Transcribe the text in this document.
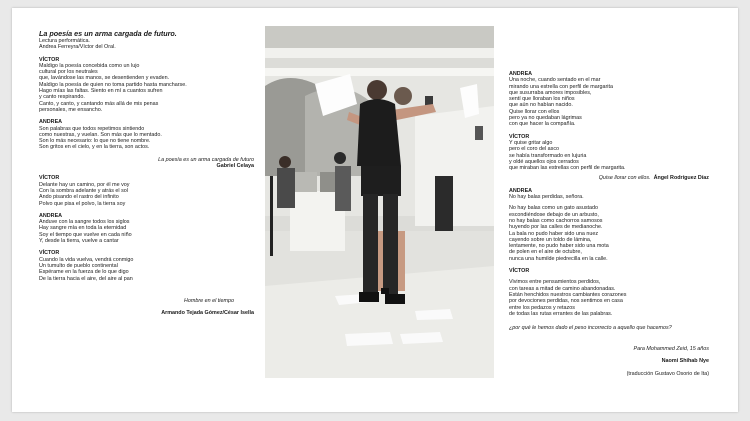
La poesía es un arma cargada de futuro.

Lectura performática.

Andrea Ferreyra/Víctor del Oral.

VÍCTOR

Maldigo la poesía concebida como un lujo
cultural por los neutrales
que, lavándose las manos, se desentienden y evaden.
Maldigo la poesía de quien no toma partido hasta mancharse.
Hago mías las faltas. Siento en mí a cuantos sufren
y canto respirando.
Canto, y canto, y cantando más allá de mis penas
personales, me ensancho.

ANDREA

Son palabras que todos repetimos sintiendo
como nuestras, y vuelan. Son más que lo mentado.
Son lo más necesario: lo que no tiene nombre.
Son gritos en el cielo, y en la tierra, son actos.

La poesía es un arma cargada de futuro

Gabriel Celaya

VÍCTOR

Delante hay un camino, por él me voy
Con la sombra adelante y atrás el sol
Ando pisando el rastro del infinito
Polvo que pisa el polvo, la tierra soy

ANDREA

Anduve con la sangre todos los siglos
Hay sangre mía en toda la eternidad
Soy el tiempo que vuelve en cada niño
Y, desde la tierra, vuelve a cantar

VÍCTOR

Cuando la vida vuelva, vendrá conmigo
Un tumulto de pueblo continental
Espérame en la fuerza de lo que digo
De la tierra hacia el aire, del aire al pan

Hombre en el tiempo

Armando Tejada Gómez/César Isella

ANDREA

Una noche, cuando sentado en el mar
mirando una estrella con perfil de margarita
que susurraba amores imposibles,
sentí que lloraban los niños
que aún no habían nacido.
Quise llorar con ellos
pero ya no quedaban lágrimas
con que hacer la compañía.

VÍCTOR

Y quise gritar algo
pero el coro del asco
se había transformado en lujuria
y oldé aquellos ojos cerrados
que miraban las estrellas con perfil de margarita.

Quise llorar con ellos. Ángel Rodríguez Díaz

ANDREA

No hay balas perdidas, señora.

No hay balas como un gato asustado
escondiéndose debajo de un arbusto,
no hay balas como cachorros samosos
huyendo por las calles de medianoche.
La bala no pudo haber sido una nuez
cayendo sobre un toldo de lámina,
lentamente, no pudo haber sido una mota
de polen en el aire de octubre,
nunca una humilde piedrecilla en la calle.

VÍCTOR

Vivimos entre pensamientos perdidos,
con tareas a mitad de camino abandonadas.
Están henchidos nuestros cambiantes corazones
por devociones perdidas, nos sentimos en casa
entre los pedazos y retazos
de todas las rutas errantes de las palabras.

¿por qué le hemos dado el peso incorrecto a aquello que hacemos?

Para Mohammed Zeid, 15 años

Naomi Shihab Nye

(traducción Gustavo Osorio de Ita)
